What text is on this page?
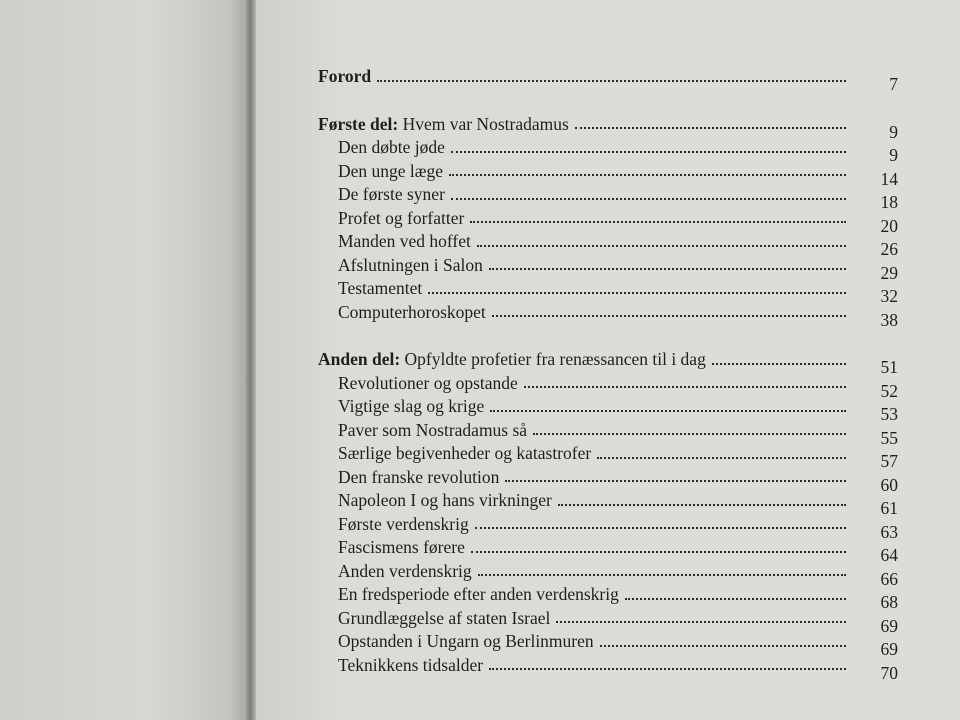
Forord	7
Første del: Hvem var Nostradamus	9
Den døbte jøde	9
Den unge læge	14
De første syner	18
Profet og forfatter	20
Manden ved hoffet	26
Afslutningen i Salon	29
Testamentet	32
Computerhoroskopet	38
Anden del: Opfyldte profetier fra renæssancen til i dag	51
Revolutioner og opstande	52
Vigtige slag og krige	53
Paver som Nostradamus så	55
Særlige begivenheder og katastrofer	57
Den franske revolution	60
Napoleon I og hans virkninger	61
Første verdenskrig	63
Fascismens førere	64
Anden verdenskrig	66
En fredsperiode efter anden verdenskrig	68
Grundlæggelse af staten Israel	69
Opstanden i Ungarn og Berlinmuren	69
Teknikkens tidsalder	70
